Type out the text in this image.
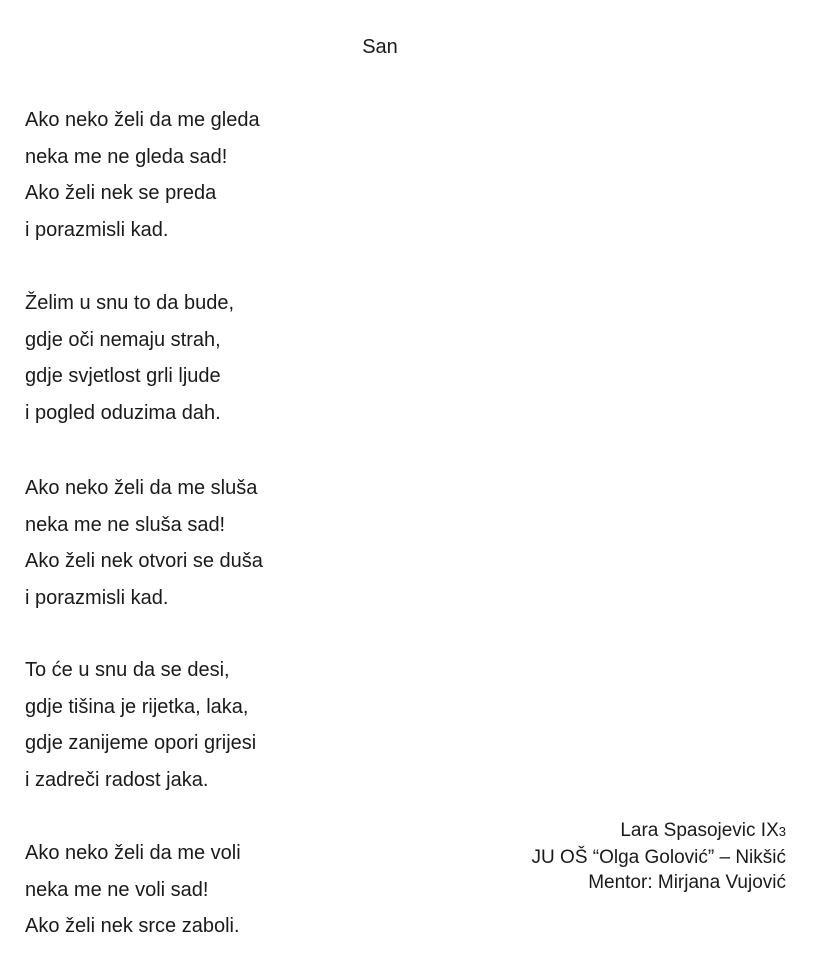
San
Ako neko želi da me gleda
neka me ne gleda sad!
Ako želi nek se preda
i porazmisli kad.
Želim u snu to da bude,
gdje oči nemaju strah,
gdje svjetlost grli ljude
i pogled oduzima dah.
Ako neko želi da me sluša
neka me ne sluša sad!
Ako želi nek otvori se duša
i porazmisli kad.
To će u snu da se desi,
gdje tišina je rijetka, laka,
gdje zanijeme opori grijesi
i zadreči radost jaka.
Ako neko želi da me voli
neka me ne voli sad!
Ako želi nek srce zaboli.
Lara Spasojevic IX3
JU OŠ “Olga Golović” – Nikšić
Mentor: Mirjana Vujović
